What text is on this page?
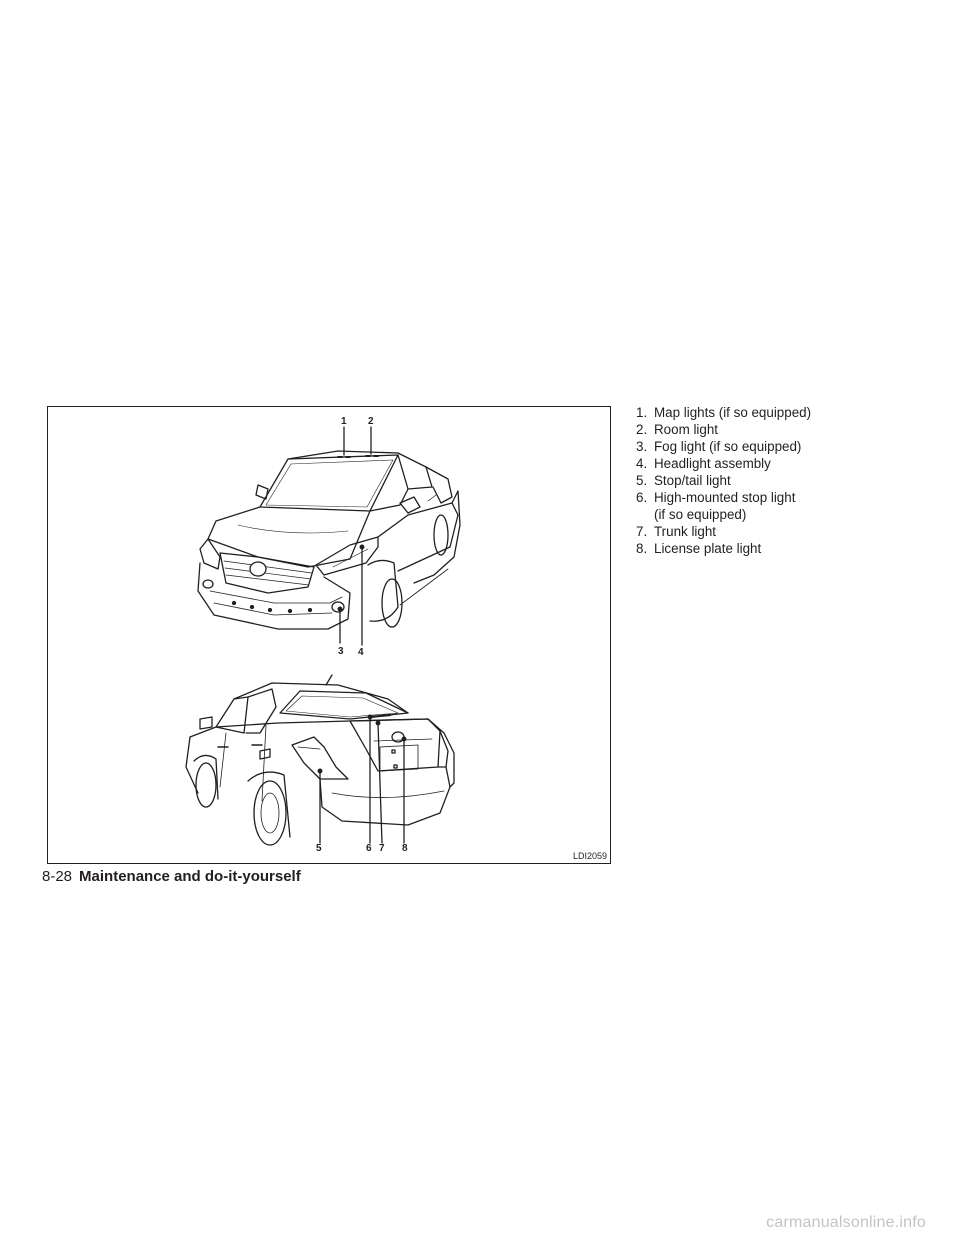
1 2
3 4
5	6 7 8
LDI2059
1. Map lights (if so equipped)
2. Room light
3. Fog light (if so equipped)
4. Headlight assembly
5. Stop/tail light
6. High-mounted stop light
(if so equipped)
7. Trunk light
8. License plate light
8-28 Maintenance and do-it-yourself
carmanualsonline.info
